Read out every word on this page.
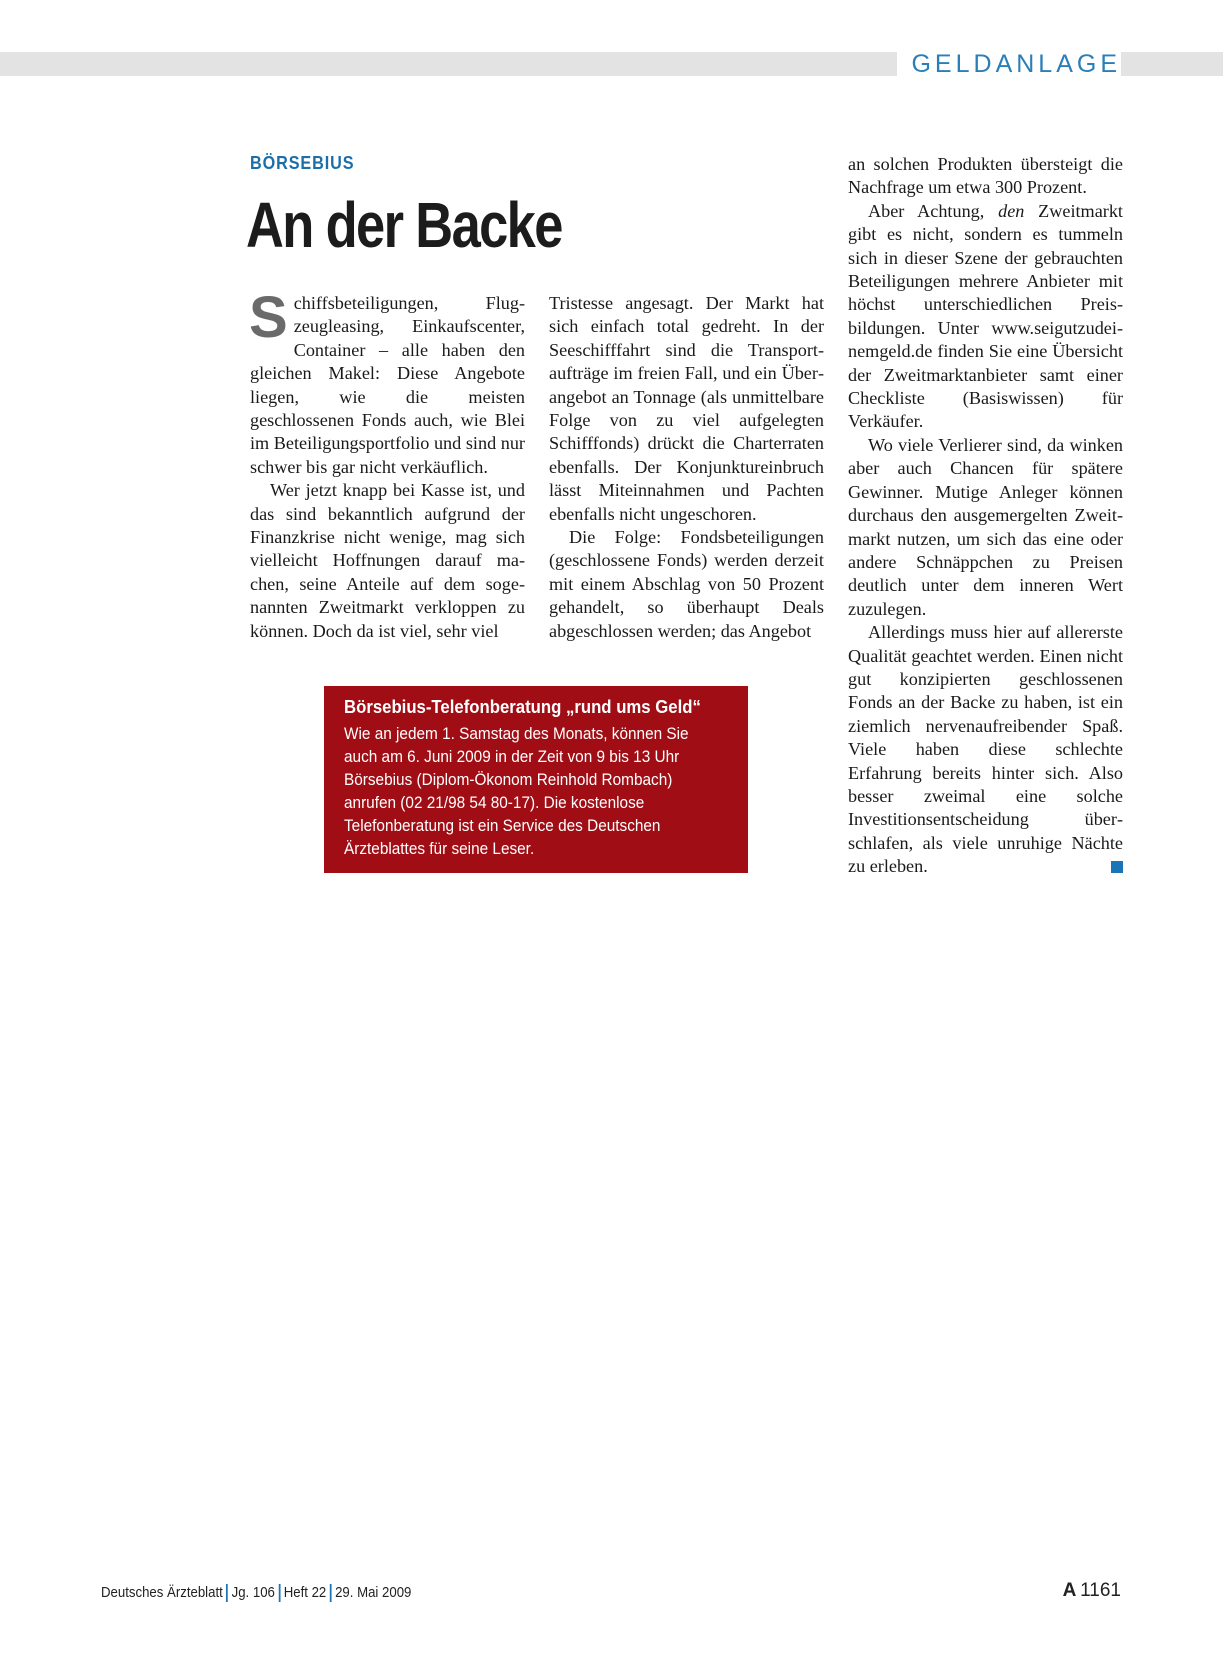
GELDANLAGE
BÖRSEBIUS
An der Backe

Schiffsbeteiligungen, Flugzeugleasing, Einkaufscenter, Container – alle haben den gleichen Makel: Diese Angebote liegen, wie die meisten geschlossenen Fonds auch, wie Blei im Beteiligungsportfolio und sind nur schwer bis gar nicht verkäuflich.

Wer jetzt knapp bei Kasse ist, und das sind bekanntlich aufgrund der Finanzkrise nicht wenige, mag sich vielleicht Hoffnungen darauf machen, seine Anteile auf dem sogenannten Zweitmarkt verkloppen zu können. Doch da ist viel, sehr viel

Tristesse angesagt. Der Markt hat sich einfach total gedreht. In der Seeschifffahrt sind die Transportaufträge im freien Fall, und ein Überangebot an Tonnage (als unmittelbare Folge von zu viel aufgelegten Schifffonds) drückt die Charterraten ebenfalls. Der Konjunktureinbruch lässt Miteinnahmen und Pachten ebenfalls nicht ungeschoren.

Die Folge: Fondsbeteiligungen (geschlossene Fonds) werden derzeit mit einem Abschlag von 50 Prozent gehandelt, so überhaupt Deals abgeschlossen werden; das Angebot

an solchen Produkten übersteigt die Nachfrage um etwa 300 Prozent.

Aber Achtung, den Zweitmarkt gibt es nicht, sondern es tummeln sich in dieser Szene der gebrauchten Beteiligungen mehrere Anbieter mit höchst unterschiedlichen Preisbildungen. Unter www.seigutzudeinemgeld.de finden Sie eine Übersicht der Zweitmarktanbieter samt einer Checkliste (Basiswissen) für Verkäufer.

Wo viele Verlierer sind, da winken aber auch Chancen für spätere Gewinner. Mutige Anleger können durchaus den ausgemergelten Zweitmarkt nutzen, um sich das eine oder andere Schnäppchen zu Preisen deutlich unter dem inneren Wert zuzulegen.

Allerdings muss hier auf allererste Qualität geachtet werden. Einen nicht gut konzipierten geschlossenen Fonds an der Backe zu haben, ist ein ziemlich nervenaufreibender Spaß. Viele haben diese schlechte Erfahrung bereits hinter sich. Also besser zweimal eine solche Investitionsentscheidung überschlafen, als viele unruhige Nächte zu erleben.

Börsebius-Telefonberatung „rund ums Geld“
Wie an jedem 1. Samstag des Monats, können Sie auch am 6. Juni 2009 in der Zeit von 9 bis 13 Uhr Börsebius (Diplom-Ökonom Reinhold Rombach) anrufen (02 21/98 54 80-17). Die kostenlose Telefonberatung ist ein Service des Deutschen Ärzteblattes für seine Leser.
Deutsches Ärzteblatt Jg. 106 Heft 22 29. Mai 2009	A  1161
